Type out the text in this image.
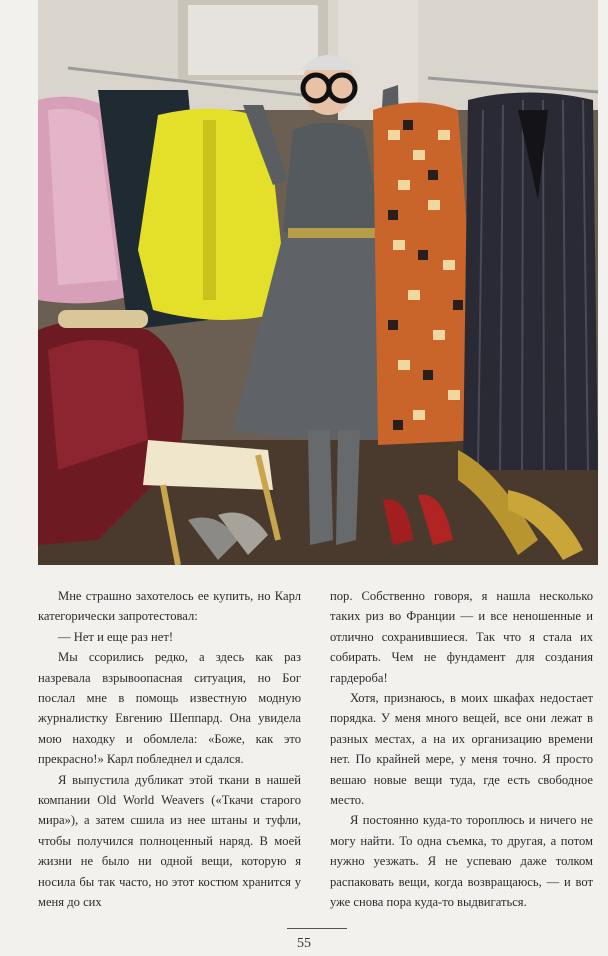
Мне страшно захотелось ее купить, но Карл категорически запротестовал:

— Нет и еще раз нет!

Мы ссорились редко, а здесь как раз назревала взрывоопасная ситуация, но Бог послал мне в помощь известную модную журналистку Евгению Шеппард. Она увидела мою находку и обомлела: «Боже, как это прекрасно!» Карл побледнел и сдался.

Я выпустила дубликат этой ткани в нашей компании Old World Weavers («Ткачи старого мира»), а затем сшила из нее штаны и туфли, чтобы получился полноценный наряд. В моей жизни не было ни одной вещи, которую я носила бы так часто, но этот костюм хранится у меня до сих

пор. Собственно говоря, я нашла несколько таких риз во Франции — и все неношенные и отлично сохранившиеся. Так что я стала их собирать. Чем не фундамент для создания гардероба!

Хотя, признаюсь, в моих шкафах недостает порядка. У меня много вещей, все они лежат в разных местах, а на их организацию времени нет. По крайней мере, у меня точно. Я просто вешаю новые вещи туда, где есть свободное место.

Я постоянно куда-то тороплюсь и ничего не могу найти. То одна съемка, то другая, а потом нужно уезжать. Я не успеваю даже толком распаковать вещи, когда возвращаюсь, — и вот уже снова пора куда-то выдвигаться.

55
